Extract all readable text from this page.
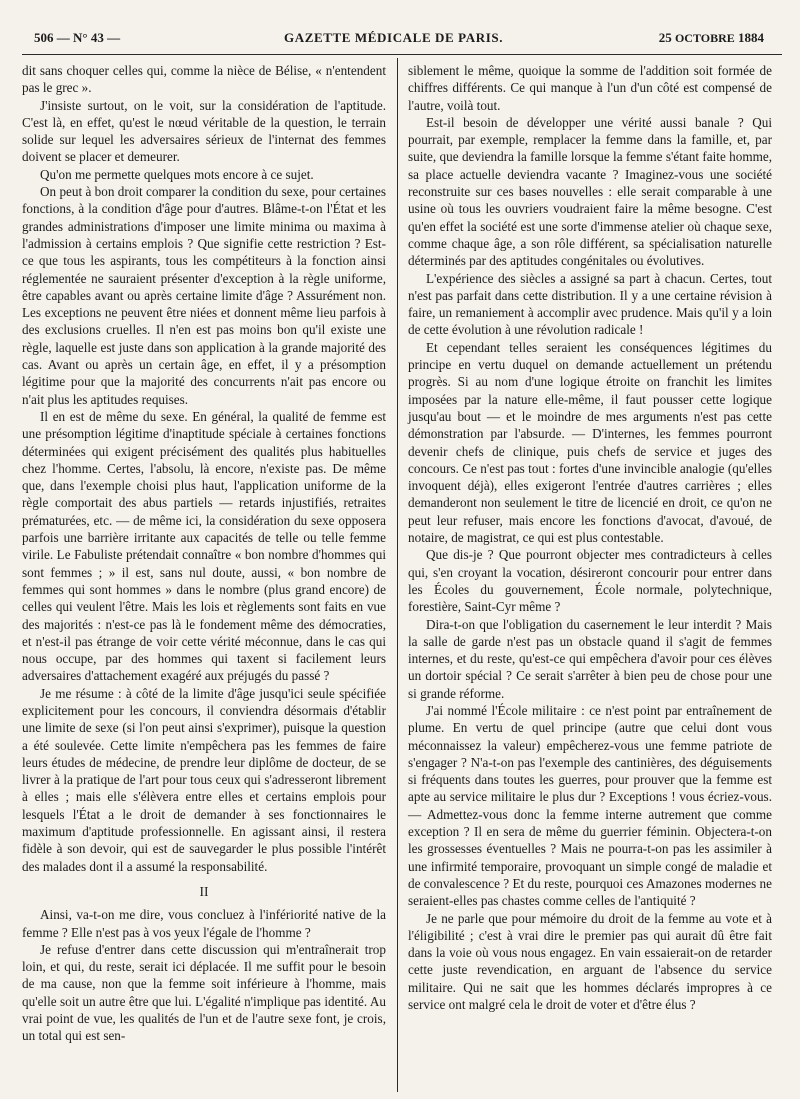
506 — N° 43 —	GAZETTE MÉDICALE DE PARIS.	25 OCTOBRE 1884

dit sans choquer celles qui, comme la nièce de Bélise, « n'entendent pas le grec ».

J'insiste surtout, on le voit, sur la considération de l'aptitude. C'est là, en effet, qu'est le nœud véritable de la question, le terrain solide sur lequel les adversaires sérieux de l'internat des femmes doivent se placer et demeurer.

Qu'on me permette quelques mots encore à ce sujet.

On peut à bon droit comparer la condition du sexe, pour certaines fonctions, à la condition d'âge pour d'autres. Blâme-t-on l'État et les grandes administrations d'imposer une limite minima ou maxima à l'admission à certains emplois ? Que signifie cette restriction ? Est-ce que tous les aspirants, tous les compétiteurs à la fonction ainsi réglementée ne sauraient présenter d'exception à la règle uniforme, être capables avant ou après certaine limite d'âge ? Assurément non. Les exceptions ne peuvent être niées et donnent même lieu parfois à des exclusions cruelles. Il n'en est pas moins bon qu'il existe une règle, laquelle est juste dans son application à la grande majorité des cas. Avant ou après un certain âge, en effet, il y a présomption légitime pour que la majorité des concurrents n'ait pas encore ou n'ait plus les aptitudes requises.

Il en est de même du sexe. En général, la qualité de femme est une présomption légitime d'inaptitude spéciale à certaines fonctions déterminées qui exigent précisément des qualités plus habituelles chez l'homme. Certes, l'absolu, là encore, n'existe pas. De même que, dans l'exemple choisi plus haut, l'application uniforme de la règle comportait des abus partiels — retards injustifiés, retraites prématurées, etc. — de même ici, la considération du sexe opposera parfois une barrière irritante aux capacités de telle ou telle femme virile. Le Fabuliste prétendait connaître « bon nombre d'hommes qui sont femmes ; » il est, sans nul doute, aussi, « bon nombre de femmes qui sont hommes » dans le nombre (plus grand encore) de celles qui veulent l'être. Mais les lois et règlements sont faits en vue des majorités : n'est-ce pas là le fondement même des démocraties, et n'est-il pas étrange de voir cette vérité méconnue, dans le cas qui nous occupe, par des hommes qui taxent si facilement leurs adversaires d'attachement exagéré aux préjugés du passé ?

Je me résume : à côté de la limite d'âge jusqu'ici seule spécifiée explicitement pour les concours, il conviendra désormais d'établir une limite de sexe (si l'on peut ainsi s'exprimer), puisque la question a été soulevée. Cette limite n'empêchera pas les femmes de faire leurs études de médecine, de prendre leur diplôme de docteur, de se livrer à la pratique de l'art pour tous ceux qui s'adresseront librement à elles ; mais elle s'élèvera entre elles et certains emplois pour lesquels l'État a le droit de demander à ses fonctionnaires le maximum d'aptitude professionnelle. En agissant ainsi, il restera fidèle à son devoir, qui est de sauvegarder le plus possible l'intérêt des malades dont il a assumé la responsabilité.

II

Ainsi, va-t-on me dire, vous concluez à l'infériorité native de la femme ? Elle n'est pas à vos yeux l'égale de l'homme ?

Je refuse d'entrer dans cette discussion qui m'entraînerait trop loin, et qui, du reste, serait ici déplacée. Il me suffit pour le besoin de ma cause, non que la femme soit inférieure à l'homme, mais qu'elle soit un autre être que lui. L'égalité n'implique pas identité. Au vrai point de vue, les qualités de l'un et de l'autre sexe font, je crois, un total qui est sen-

siblement le même, quoique la somme de l'addition soit formée de chiffres différents. Ce qui manque à l'un d'un côté est compensé de l'autre, voilà tout.

Est-il besoin de développer une vérité aussi banale ? Qui pourrait, par exemple, remplacer la femme dans la famille, et, par suite, que deviendra la famille lorsque la femme s'étant faite homme, sa place actuelle deviendra vacante ? Imaginez-vous une société reconstruite sur ces bases nouvelles : elle serait comparable à une usine où tous les ouvriers voudraient faire la même besogne. C'est qu'en effet la société est une sorte d'immense atelier où chaque sexe, comme chaque âge, a son rôle différent, sa spécialisation naturelle déterminés par des aptitudes congénitales ou évolutives.

L'expérience des siècles a assigné sa part à chacun. Certes, tout n'est pas parfait dans cette distribution. Il y a une certaine révision à faire, un remaniement à accomplir avec prudence. Mais qu'il y a loin de cette évolution à une révolution radicale !

Et cependant telles seraient les conséquences légitimes du principe en vertu duquel on demande actuellement un prétendu progrès. Si au nom d'une logique étroite on franchit les limites imposées par la nature elle-même, il faut pousser cette logique jusqu'au bout — et le moindre de mes arguments n'est pas cette démonstration par l'absurde. — D'internes, les femmes pourront devenir chefs de clinique, puis chefs de service et juges des concours. Ce n'est pas tout : fortes d'une invincible analogie (qu'elles invoquent déjà), elles exigeront l'entrée d'autres carrières ; elles demanderont non seulement le titre de licencié en droit, ce qu'on ne peut leur refuser, mais encore les fonctions d'avocat, d'avoué, de notaire, de magistrat, ce qui est plus contestable.

Que dis-je ? Que pourront objecter mes contradicteurs à celles qui, s'en croyant la vocation, désireront concourir pour entrer dans les Écoles du gouvernement, École normale, polytechnique, forestière, Saint-Cyr même ?

Dira-t-on que l'obligation du casernement le leur interdit ? Mais la salle de garde n'est pas un obstacle quand il s'agit de femmes internes, et du reste, qu'est-ce qui empêchera d'avoir pour ces élèves un dortoir spécial ? Ce serait s'arrêter à bien peu de chose pour une si grande réforme.

J'ai nommé l'École militaire : ce n'est point par entraînement de plume. En vertu de quel principe (autre que celui dont vous méconnaissez la valeur) empêcherez-vous une femme patriote de s'engager ? N'a-t-on pas l'exemple des cantinières, des déguisements si fréquents dans toutes les guerres, pour prouver que la femme est apte au service militaire le plus dur ? Exceptions ! vous écriez-vous. — Admettez-vous donc la femme interne autrement que comme exception ? Il en sera de même du guerrier féminin. Objectera-t-on les grossesses éventuelles ? Mais ne pourra-t-on pas les assimiler à une infirmité temporaire, provoquant un simple congé de maladie et de convalescence ? Et du reste, pourquoi ces Amazones modernes ne seraient-elles pas chastes comme celles de l'antiquité ?

Je ne parle que pour mémoire du droit de la femme au vote et à l'éligibilité ; c'est à vrai dire le premier pas qui aurait dû être fait dans la voie où vous nous engagez. En vain essaierait-on de retarder cette juste revendication, en arguant de l'absence du service militaire. Qui ne sait que les hommes déclarés impropres à ce service ont malgré cela le droit de voter et d'être élus ?
